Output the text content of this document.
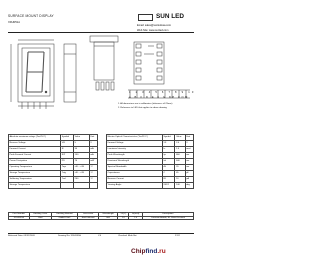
SURFACE MOUNT DISPLAY
XDUR51A
SUN LED
Email: sales@sunledusa.com
Web Site: www.sunled.com
1 2 3 4 5 6 7 8 9 10
A B C D E F G DP COM
1. All dimensions are in millimeters (tolerance ±0.25mm)
2. Reference to LED that applies to above drawing
Absolute maximum ratings (Ta=25°C)	Symbol	Value	Unit
Reverse Voltage	VR	5	V
Forward Current	IF	30	mA
Peak Forward Current	IFP	150	mA
Power Dissipation	PD	70	mW
Operating Temperature	Topr	-40 ~ +85	°C
Storage Temperature	Tstg	-40 ~ +85	°C
Soldering Temperature	Tsol	260	°C
Storage Temperature			
Electro-Optical Characteristics (Ta=25°C)	Symbol	Value	Unit
Forward Voltage	VF	2.0	V
Luminous Intensity	Iv	1.4	mcd
Peak Wavelength	λp	660	nm
Dominant Wavelength	λd	640	nm
Spectral Bandwidth	Δλ	20	nm
Capacitance	C	45	pF
Reverse Current	IR	10	μA
Viewing Angle	2θ1/2	140	deg
Part Number	Emitting Color	Emitting Material	Lens-color	Wavelength	VF(V)	Iv(mcd)	Description
XDUR51A	Red	GaAsP/GaP	Red Diffused	660	2.0	1.4	Common Anode, Rt. Hand Decimal
Released Date: 03/31/2003	Drawing No: XDUR51A	V.4	Checked: Mark Bai	P.1/2
Chipfind.ru
